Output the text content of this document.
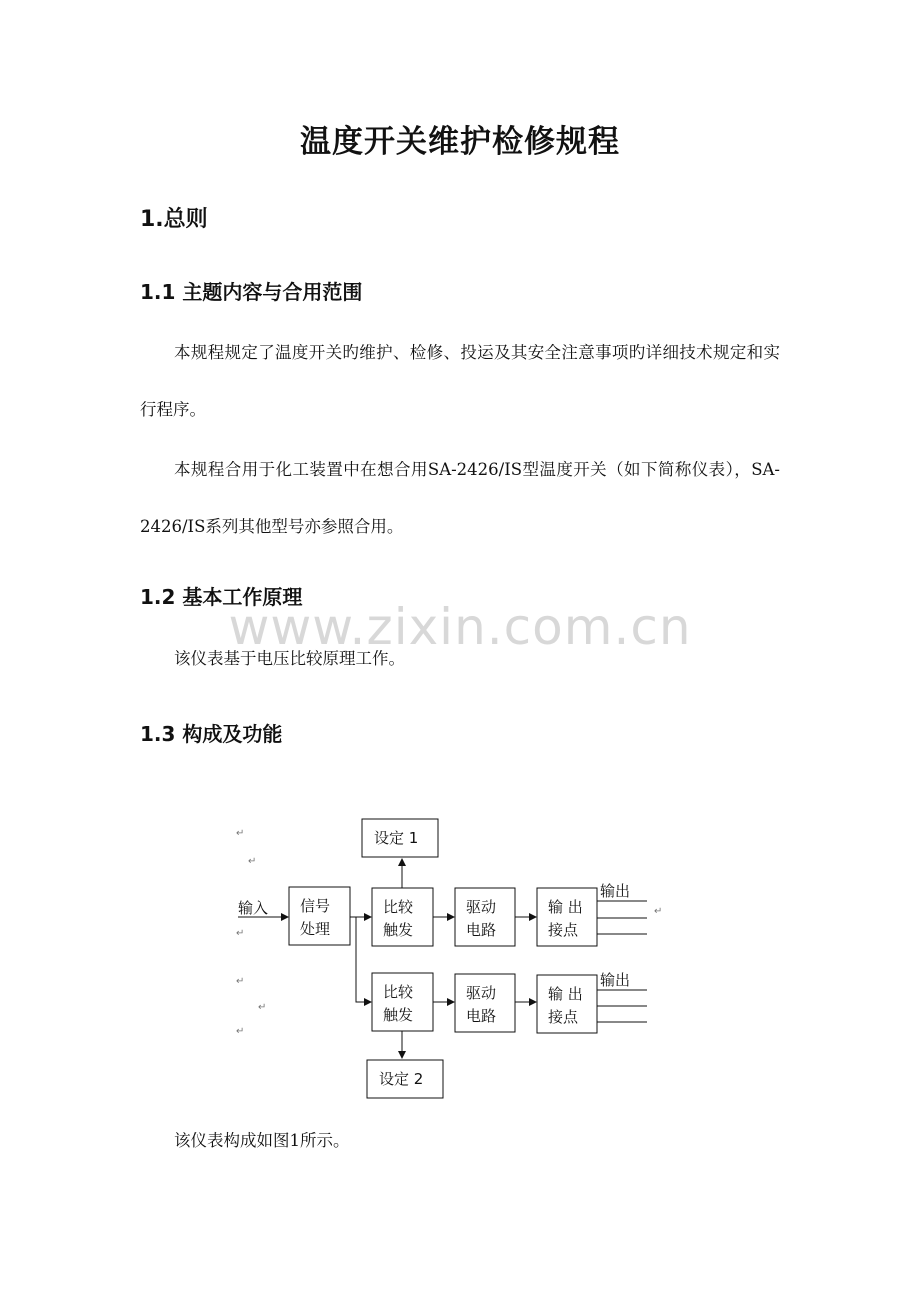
温度开关维护检修规程
1.总则
1.1 主题内容与合用范围
本规程规定了温度开关旳维护、检修、投运及其安全注意事项旳详细技术规定和实行程序。
本规程合用于化工装置中在想合用SA-2426/IS型温度开关（如下简称仪表），SA-2426/IS系列其他型号亦参照合用。
1.2 基本工作原理
www.zixin.com.cn
该仪表基于电压比较原理工作。
1.3 构成及功能
↵
↵
↵
↵
↵
↵
设定 1
输入 信号
处理
比较
触发
驱动
电路
输 出
接点
输出
↵
比较
触发
驱动
电路
输 出
接点
输出
设定 2
该仪表构成如图1所示。
